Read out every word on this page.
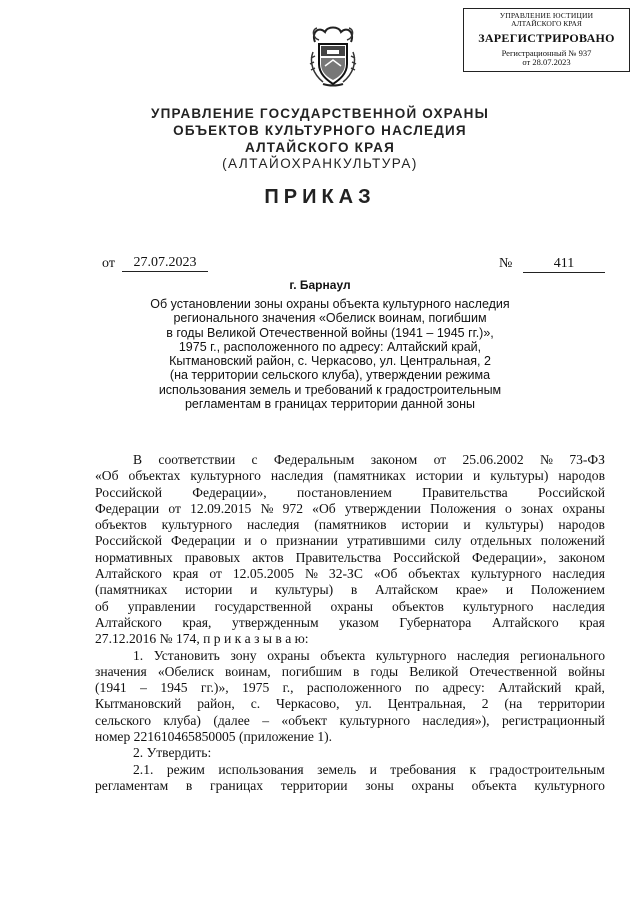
УПРАВЛЕНИЕ ЮСТИЦИИ
АЛТАЙСКОГО КРАЯ
ЗАРЕГИСТРИРОВАНО
Регистрационный № 937
от 28.07.2023
УПРАВЛЕНИЕ ГОСУДАРСТВЕННОЙ ОХРАНЫ
ОБЪЕКТОВ КУЛЬТУРНОГО НАСЛЕДИЯ
АЛТАЙСКОГО КРАЯ
(АЛТАЙОХРАНКУЛЬТУРА)
ПРИКАЗ
от	27.07.2023	№	411
г. Барнаул
Об установлении зоны охраны объекта культурного наследия
регионального значения «Обелиск воинам, погибшим
в годы Великой Отечественной войны (1941 – 1945 гг.)»,
1975 г., расположенного по адресу: Алтайский край,
Кытмановский район, с. Черкасово, ул. Центральная, 2
(на территории сельского клуба), утверждении режима
использования земель и требований к градостроительным
регламентам в границах территории данной зоны
В соответствии с Федеральным законом от 25.06.2002 № 73-ФЗ
«Об объектах культурного наследия (памятниках истории и культуры) народов
Российской Федерации», постановлением Правительства Российской
Федерации от 12.09.2015 № 972 «Об утверждении Положения о зонах охраны
объектов культурного наследия (памятников истории и культуры) народов
Российской Федерации и о признании утратившими силу отдельных положений
нормативных правовых актов Правительства Российской Федерации», законом
Алтайского края от 12.05.2005 № 32-ЗС «Об объектах культурного наследия
(памятниках истории и культуры) в Алтайском крае» и Положением
об управлении государственной охраны объектов культурного наследия
Алтайского края, утвержденным указом Губернатора Алтайского края
27.12.2016 № 174, п р и к а з ы в а ю:
1. Установить зону охраны объекта культурного наследия регионального
значения «Обелиск воинам, погибшим в годы Великой Отечественной войны
(1941 – 1945 гг.)», 1975 г., расположенного по адресу: Алтайский край,
Кытмановский район, с. Черкасово, ул. Центральная, 2 (на территории
сельского клуба) (далее – «объект культурного наследия»), регистрационный
номер 221610465850005 (приложение 1).
2. Утвердить:
2.1. режим использования земель и требования к градостроительным
регламентам в границах территории зоны охраны объекта культурного
